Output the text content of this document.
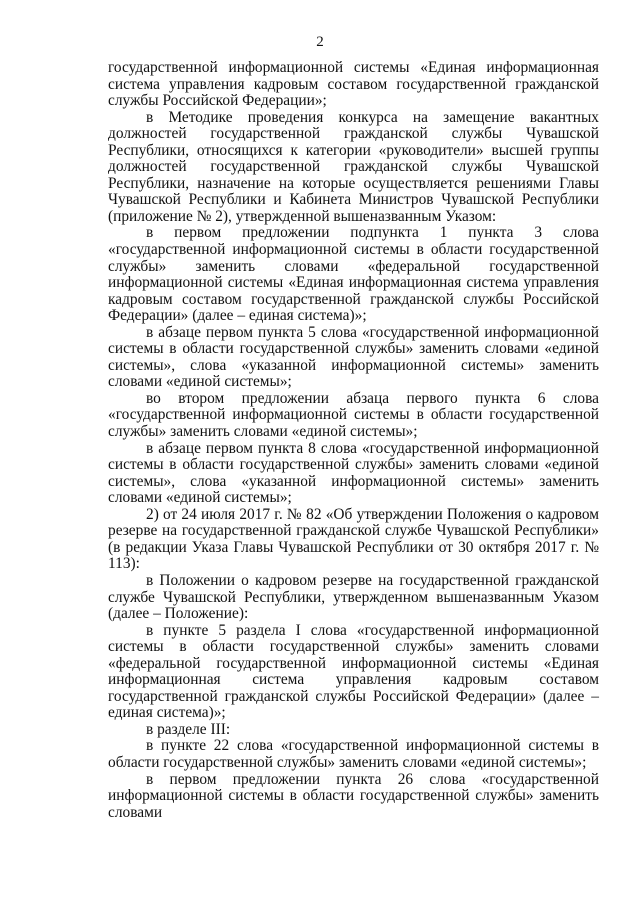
2

государственной информационной системы «Единая информационная система управления кадровым составом государственной гражданской службы Российской Федерации»;

в Методике проведения конкурса на замещение вакантных должностей государственной гражданской службы Чувашской Республики, относящихся к категории «руководители» высшей группы должностей государственной гражданской службы Чувашской Республики, назначение на которые осуществляется решениями Главы Чувашской Республики и Кабинета Министров Чувашской Республики (приложение № 2), утвержденной вышеназванным Указом:

в первом предложении подпункта 1 пункта 3 слова «государственной информационной системы в области государственной службы» заменить словами «федеральной государственной информационной системы «Единая информационная система управления кадровым составом государственной гражданской службы Российской Федерации» (далее – единая система)»;

в абзаце первом пункта 5 слова «государственной информационной системы в области государственной службы» заменить словами «единой системы», слова «указанной информационной системы» заменить словами «единой системы»;

во втором предложении абзаца первого пункта 6 слова «государственной информационной системы в области государственной службы» заменить словами «единой системы»;

в абзаце первом пункта 8 слова «государственной информационной системы в области государственной службы» заменить словами «единой системы», слова «указанной информационной системы» заменить словами «единой системы»;

2) от 24 июля 2017 г. № 82 «Об утверждении Положения о кадровом резерве на государственной гражданской службе Чувашской Республики» (в редакции Указа Главы Чувашской Республики от 30 октября 2017 г. № 113):

в Положении о кадровом резерве на государственной гражданской службе Чувашской Республики, утвержденном вышеназванным Указом (далее – Положение):

в пункте 5 раздела I слова «государственной информационной системы в области государственной службы» заменить словами «федеральной государственной информационной системы «Единая информационная система управления кадровым составом государственной гражданской службы Российской Федерации» (далее – единая система)»;

в разделе III:

в пункте 22 слова «государственной информационной системы в области государственной службы» заменить словами «единой системы»;

в первом предложении пункта 26 слова «государственной информационной системы в области государственной службы» заменить словами
